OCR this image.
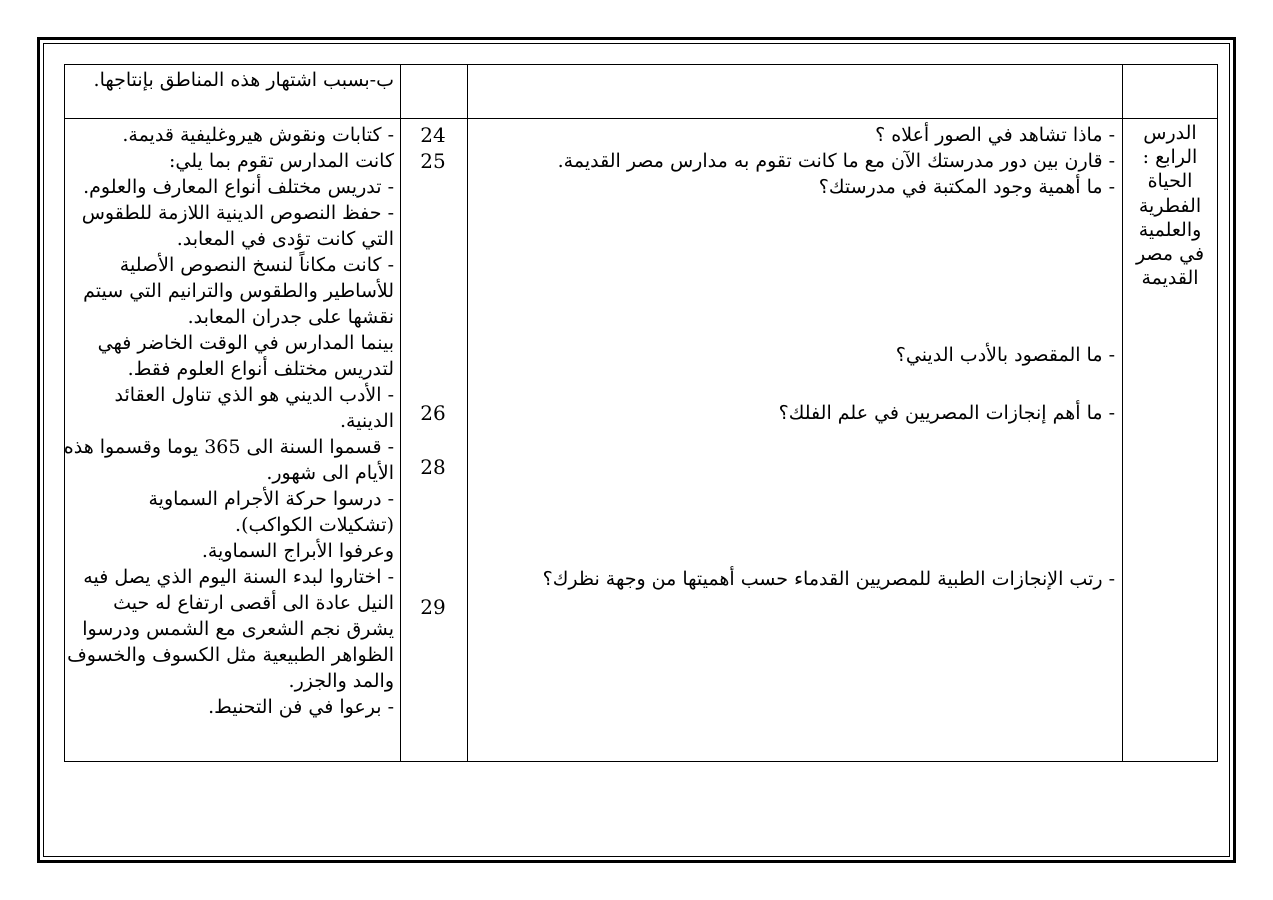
ب-بسبب اشتهار هذه المناطق بإنتاجها.
الدرس
الرابع :
الحياة
الفطرية
والعلمية
في مصر
القديمة
- ماذا تشاهد في الصور أعلاه ؟
- قارن بين دور مدرستك الآن مع ما كانت تقوم به مدارس مصر القديمة.
- ما أهمية وجود المكتبة في مدرستك؟
- ما المقصود بالأدب الديني؟
- ما أهم إنجازات المصريين في علم الفلك؟
- رتب الإنجازات الطبية للمصريين القدماء حسب أهميتها من وجهة نظرك؟
24
25
26
28
29
- كتابات ونقوش هيروغليفية قديمة.
كانت المدارس تقوم بما يلي:
- تدريس مختلف أنواع المعارف والعلوم.
- حفظ النصوص الدينية اللازمة للطقوس
التي كانت تؤدى في المعابد.
- كانت مكاناً لنسخ النصوص الأصلية
للأساطير والطقوس والترانيم التي سيتم
نقشها على جدران المعابد.
بينما المدارس في الوقت الخاضر فهي
لتدريس مختلف أنواع العلوم فقط.
- الأدب الديني هو الذي تناول العقائد
الدينية.
- قسموا السنة الى 365 يوما وقسموا هذه
الأيام الى شهور.
- درسوا حركة الأجرام السماوية
(تشكيلات الكواكب).
وعرفوا الأبراج السماوية.
- اختاروا لبدء السنة اليوم الذي يصل فيه
النيل عادة الى أقصى ارتفاع له حيث
يشرق نجم الشعرى مع الشمس ودرسوا
الظواهر الطبيعية مثل الكسوف والخسوف
والمد والجزر.
- برعوا في فن التحنيط.
